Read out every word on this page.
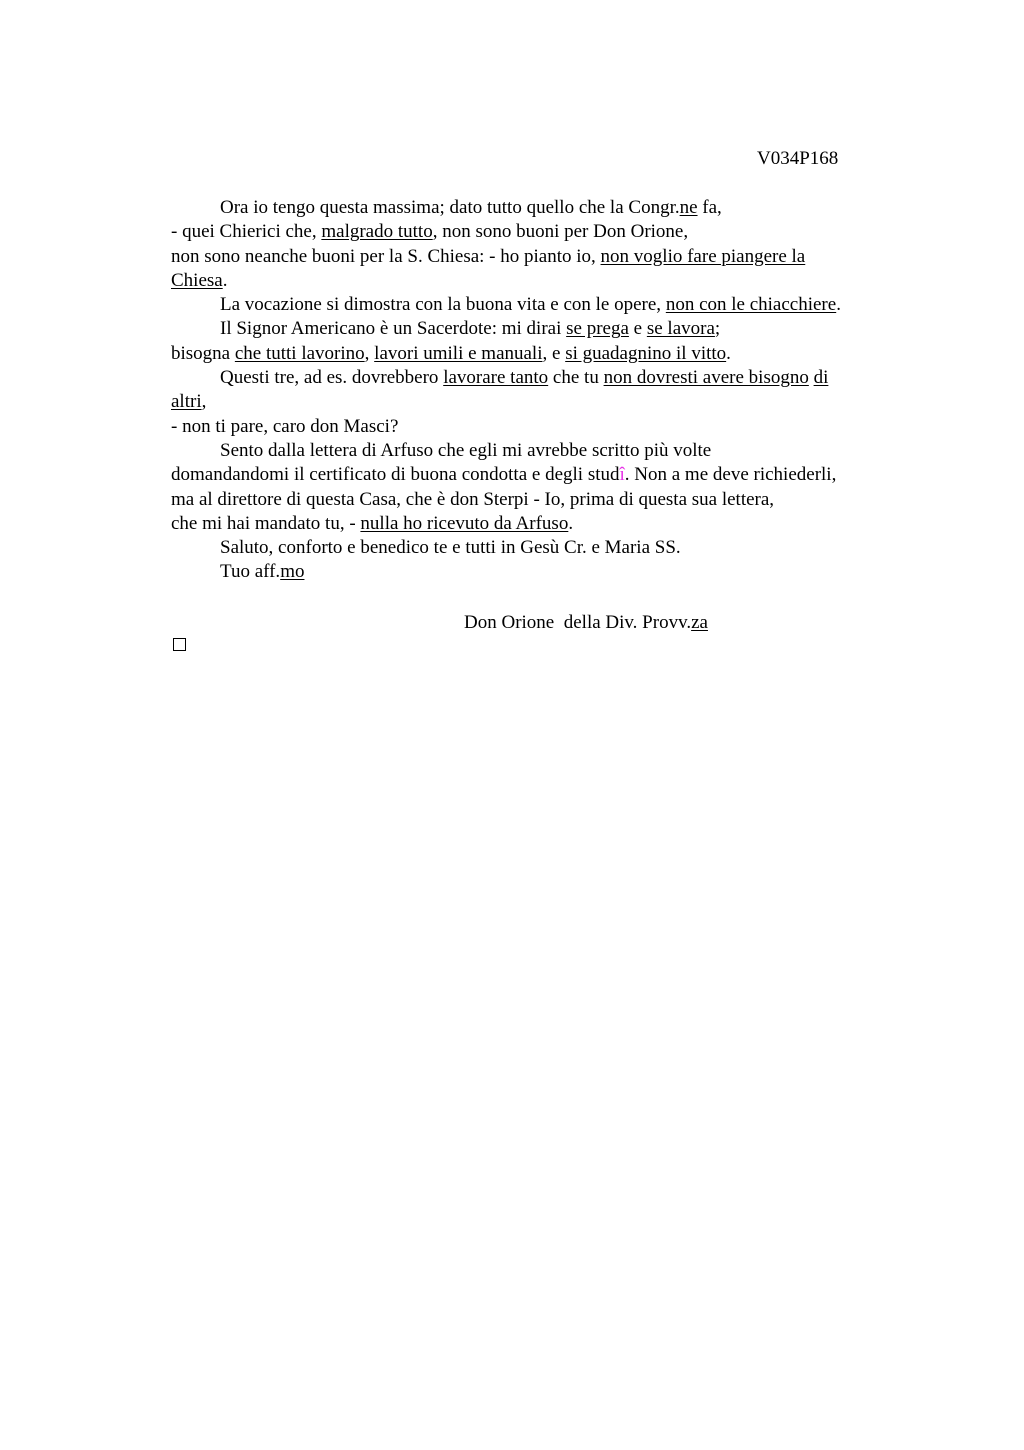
V034P168
Ora io tengo questa massima; dato tutto quello che la Congr.ne fa,
- quei Chierici che, malgrado tutto, non sono buoni per Don Orione,
non sono neanche buoni per la S. Chiesa: - ho pianto io, non voglio fare piangere la
Chiesa.
La vocazione si dimostra con la buona vita e con le opere, non con le chiacchiere.
Il Signor Americano è un Sacerdote: mi dirai se prega e se lavora;
bisogna che tutti lavorino, lavori umili e manuali, e si guadagnino il vitto.
Questi tre, ad es. dovrebbero lavorare tanto che tu non dovresti avere bisogno di
altri,
- non ti pare, caro don Masci?
Sento dalla lettera di Arfuso che egli mi avrebbe scritto più volte
domandandomi il certificato di buona condotta e degli studî. Non a me deve richiederli,
ma al direttore di questa Casa, che è don Sterpi - Io, prima di questa sua lettera,
che mi hai mandato tu, - nulla ho ricevuto da Arfuso.
Saluto, conforto e benedico te e tutti in Gesù Cr. e Maria SS.
Tuo aff.mo
Don Orione  della Div. Provv.za
